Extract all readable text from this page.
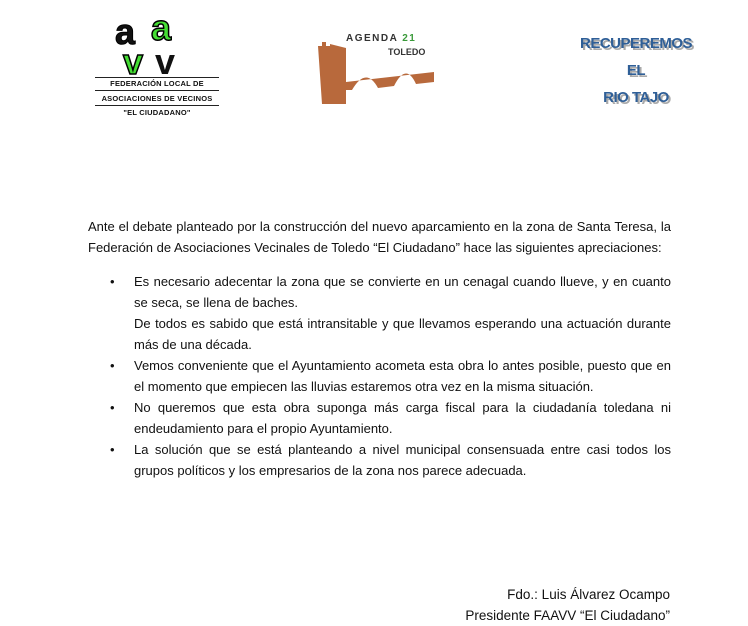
a a
v v
FEDERACIÓN LOCAL DE
ASOCIACIONES DE VECINOS
"EL CIUDADANO"
AGENDA 21
TOLEDO	RECUPEREMOS
EL
RIO TAJO

Ante el debate planteado por la construcción del nuevo aparcamiento en la zona de Santa Teresa, la Federación de Asociaciones Vecinales de Toledo “El Ciudadano” hace las siguientes apreciaciones:

• Es necesario adecentar la zona que se convierte en un cenagal cuando llueve, y en cuanto se seca, se llena de baches.
De todos es sabido que está intransitable y que llevamos esperando una actuación durante más de una década.
• Vemos conveniente que el Ayuntamiento acometa esta obra lo antes posible, puesto que en el momento que empiecen las lluvias estaremos otra vez en la misma situación.
• No queremos que esta obra suponga más carga fiscal para la ciudadanía toledana ni endeudamiento para el propio Ayuntamiento.
• La solución que se está planteando a nivel municipal consensuada entre casi todos los grupos políticos y los empresarios de la zona nos parece adecuada.
Fdo.: Luis Álvarez Ocampo
Presidente FAAVV “El Ciudadano”
